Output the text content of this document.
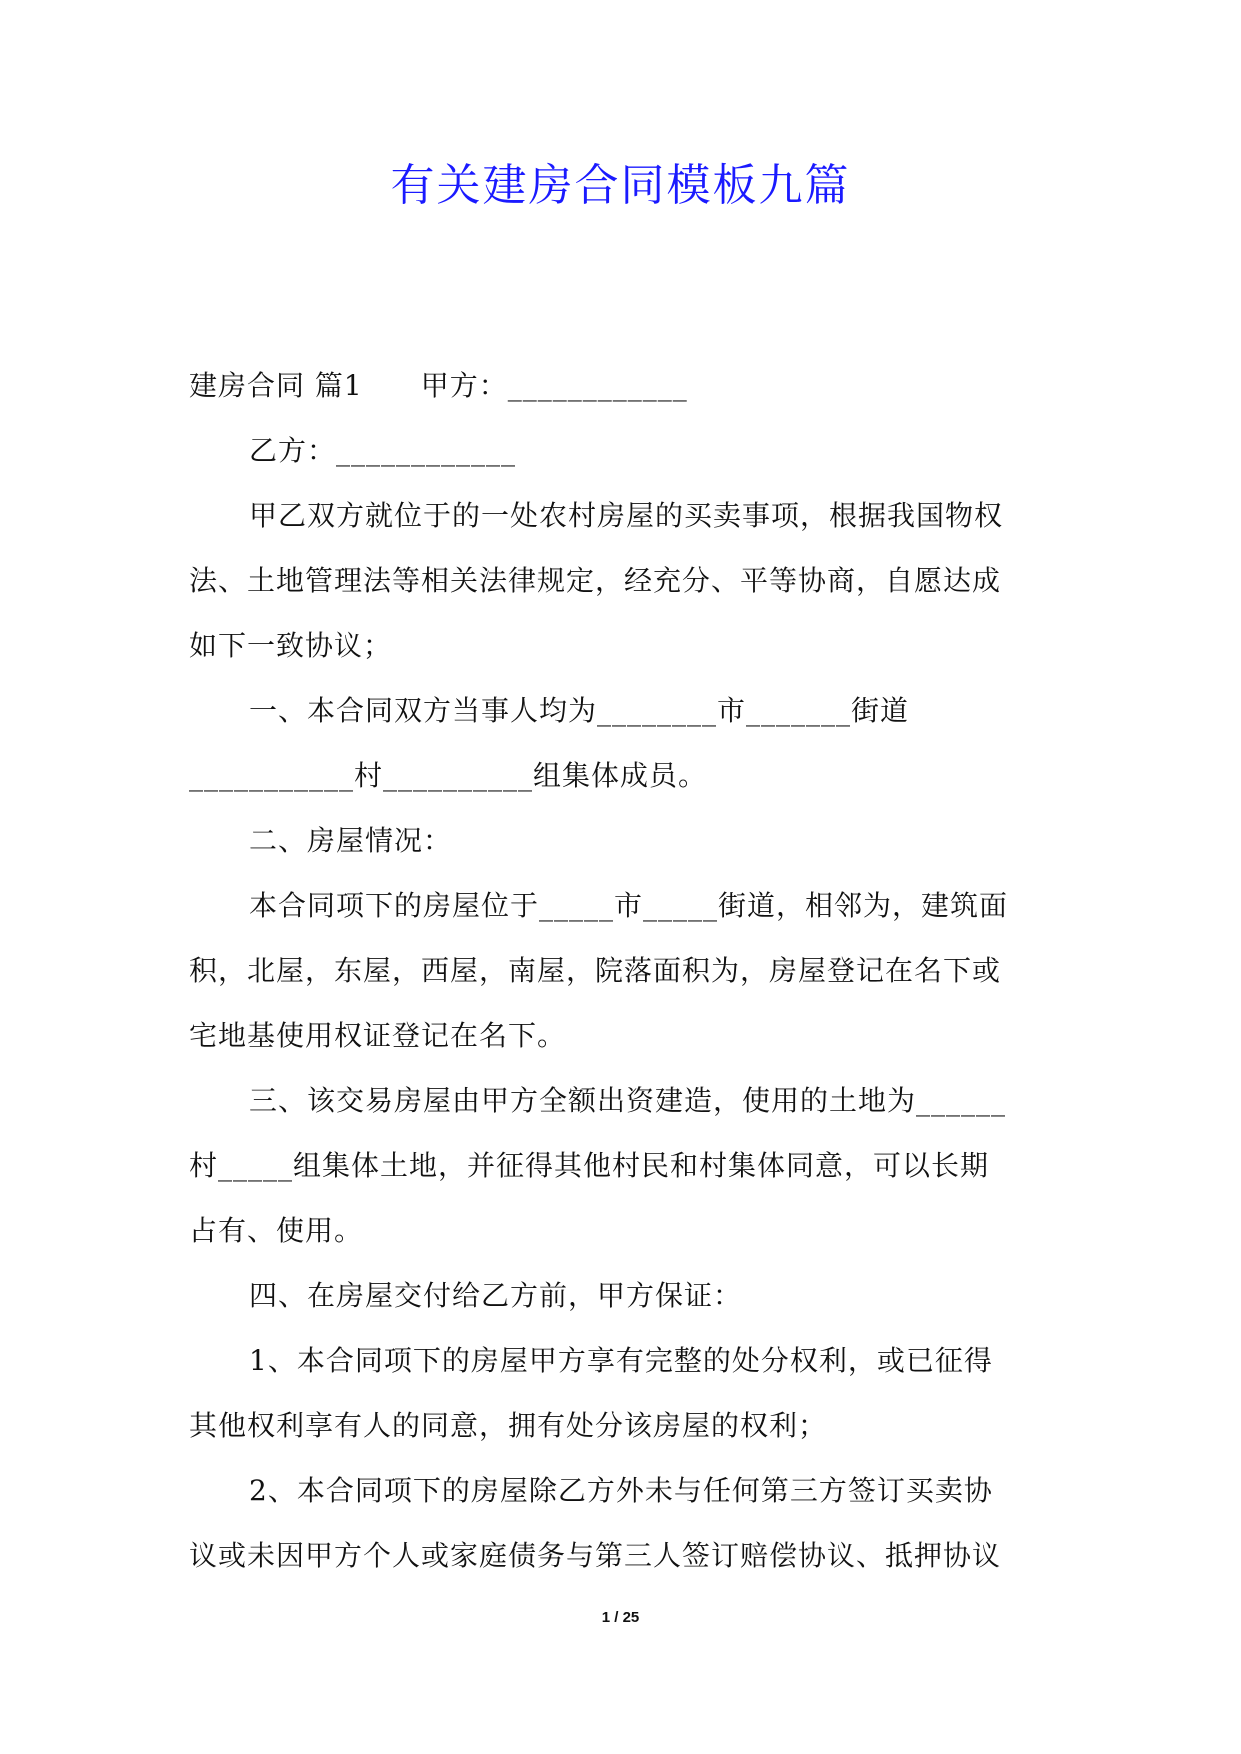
有关建房合同模板九篇
建房合同 篇1　　甲方：____________
乙方：____________
甲乙双方就位于的一处农村房屋的买卖事项，根据我国物权
法、土地管理法等相关法律规定，经充分、平等协商，自愿达成
如下一致协议；
一、本合同双方当事人均为________市_______街道
___________村__________组集体成员。
二、房屋情况：
本合同项下的房屋位于_____市_____街道，相邻为，建筑面
积，北屋，东屋，西屋，南屋，院落面积为，房屋登记在名下或
宅地基使用权证登记在名下。
三、该交易房屋由甲方全额出资建造，使用的土地为______
村_____组集体土地，并征得其他村民和村集体同意，可以长期
占有、使用。
四、在房屋交付给乙方前，甲方保证：
1、本合同项下的房屋甲方享有完整的处分权利，或已征得
其他权利享有人的同意，拥有处分该房屋的权利；
2、本合同项下的房屋除乙方外未与任何第三方签订买卖协
议或未因甲方个人或家庭债务与第三人签订赔偿协议、抵押协议
1 / 25
